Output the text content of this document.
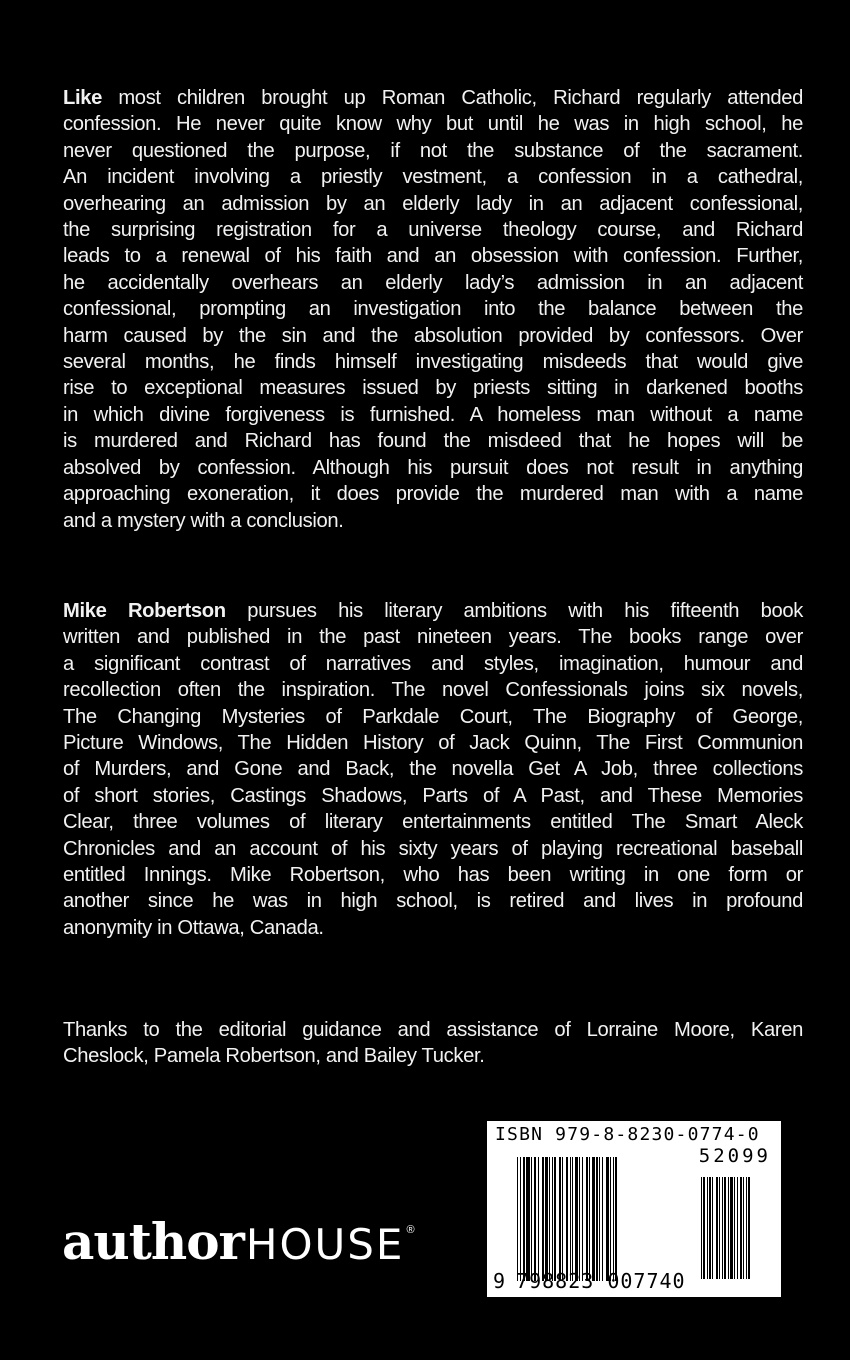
Like most children brought up Roman Catholic, Richard regularly attended
confession. He never quite know why but until he was in high school, he
never questioned the purpose, if not the substance of the sacrament.
An incident involving a priestly vestment, a confession in a cathedral,
overhearing an admission by an elderly lady in an adjacent confessional,
the surprising registration for a universe theology course, and Richard
leads to a renewal of his faith and an obsession with confession. Further,
he accidentally overhears an elderly lady’s admission in an adjacent
confessional, prompting an investigation into the balance between the
harm caused by the sin and the absolution provided by confessors. Over
several months, he finds himself investigating misdeeds that would give
rise to exceptional measures issued by priests sitting in darkened booths
in which divine forgiveness is furnished. A homeless man without a name
is murdered and Richard has found the misdeed that he hopes will be
absolved by confession. Although his pursuit does not result in anything
approaching exoneration, it does provide the murdered man with a name
and a mystery with a conclusion.
Mike Robertson pursues his literary ambitions with his fifteenth book
written and published in the past nineteen years. The books range over
a significant contrast of narratives and styles, imagination, humour and
recollection often the inspiration. The novel Confessionals joins six novels,
The Changing Mysteries of Parkdale Court, The Biography of George,
Picture Windows, The Hidden History of Jack Quinn, The First Communion
of Murders, and Gone and Back, the novella Get A Job, three collections
of short stories, Castings Shadows, Parts of A Past, and These Memories
Clear, three volumes of literary entertainments entitled The Smart Aleck
Chronicles and an account of his sixty years of playing recreational baseball
entitled Innings. Mike Robertson, who has been writing in one form or
another since he was in high school, is retired and lives in profound
anonymity in Ottawa, Canada.
Thanks to the editorial guidance and assistance of Lorraine Moore, Karen
Cheslock, Pamela Robertson, and Bailey Tucker.
author HOUSE ®
ISBN 979-8-8230-0774-0
52099
9 798823 007740
